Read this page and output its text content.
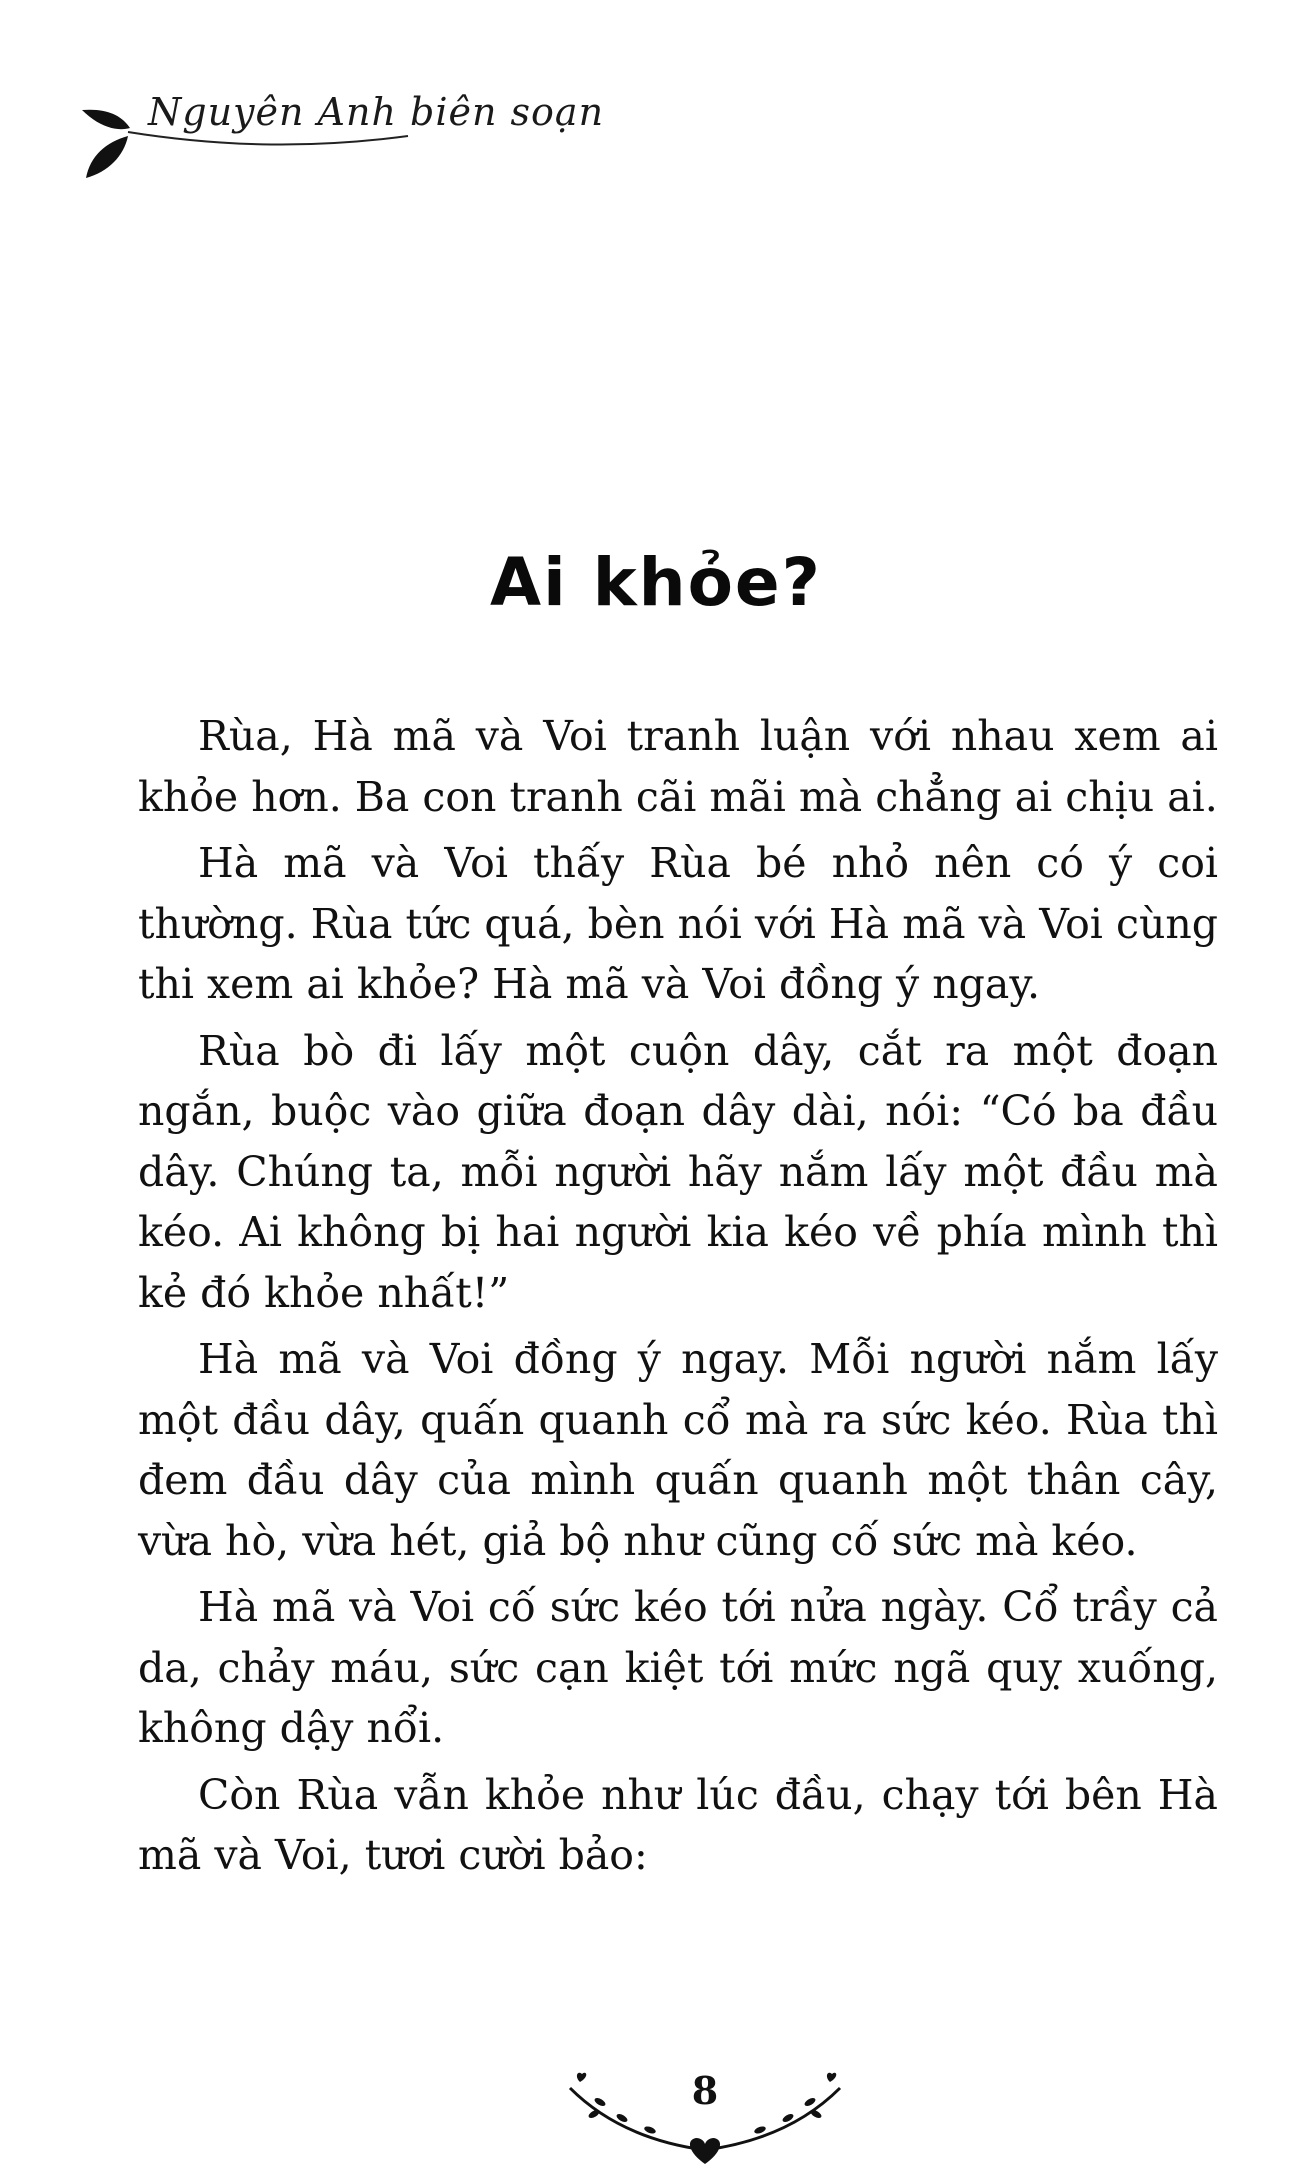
Nguyên Anh biên soạn
Ai khỏe?

Rùa, Hà mã và Voi tranh luận với nhau xem ai khỏe hơn. Ba con tranh cãi mãi mà chẳng ai chịu ai.

Hà mã và Voi thấy Rùa bé nhỏ nên có ý coi thường. Rùa tức quá, bèn nói với Hà mã và Voi cùng thi xem ai khỏe? Hà mã và Voi đồng ý ngay.

Rùa bò đi lấy một cuộn dây, cắt ra một đoạn ngắn, buộc vào giữa đoạn dây dài, nói: “Có ba đầu dây. Chúng ta, mỗi người hãy nắm lấy một đầu mà kéo. Ai không bị hai người kia kéo về phía mình thì kẻ đó khỏe nhất!”

Hà mã và Voi đồng ý ngay. Mỗi người nắm lấy một đầu dây, quấn quanh cổ mà ra sức kéo. Rùa thì đem đầu dây của mình quấn quanh một thân cây, vừa hò, vừa hét, giả bộ như cũng cố sức mà kéo.

Hà mã và Voi cố sức kéo tới nửa ngày. Cổ trầy cả da, chảy máu, sức cạn kiệt tới mức ngã quỵ xuống, không dậy nổi.

Còn Rùa vẫn khỏe như lúc đầu, chạy tới bên Hà mã và Voi, tươi cười bảo:

8
